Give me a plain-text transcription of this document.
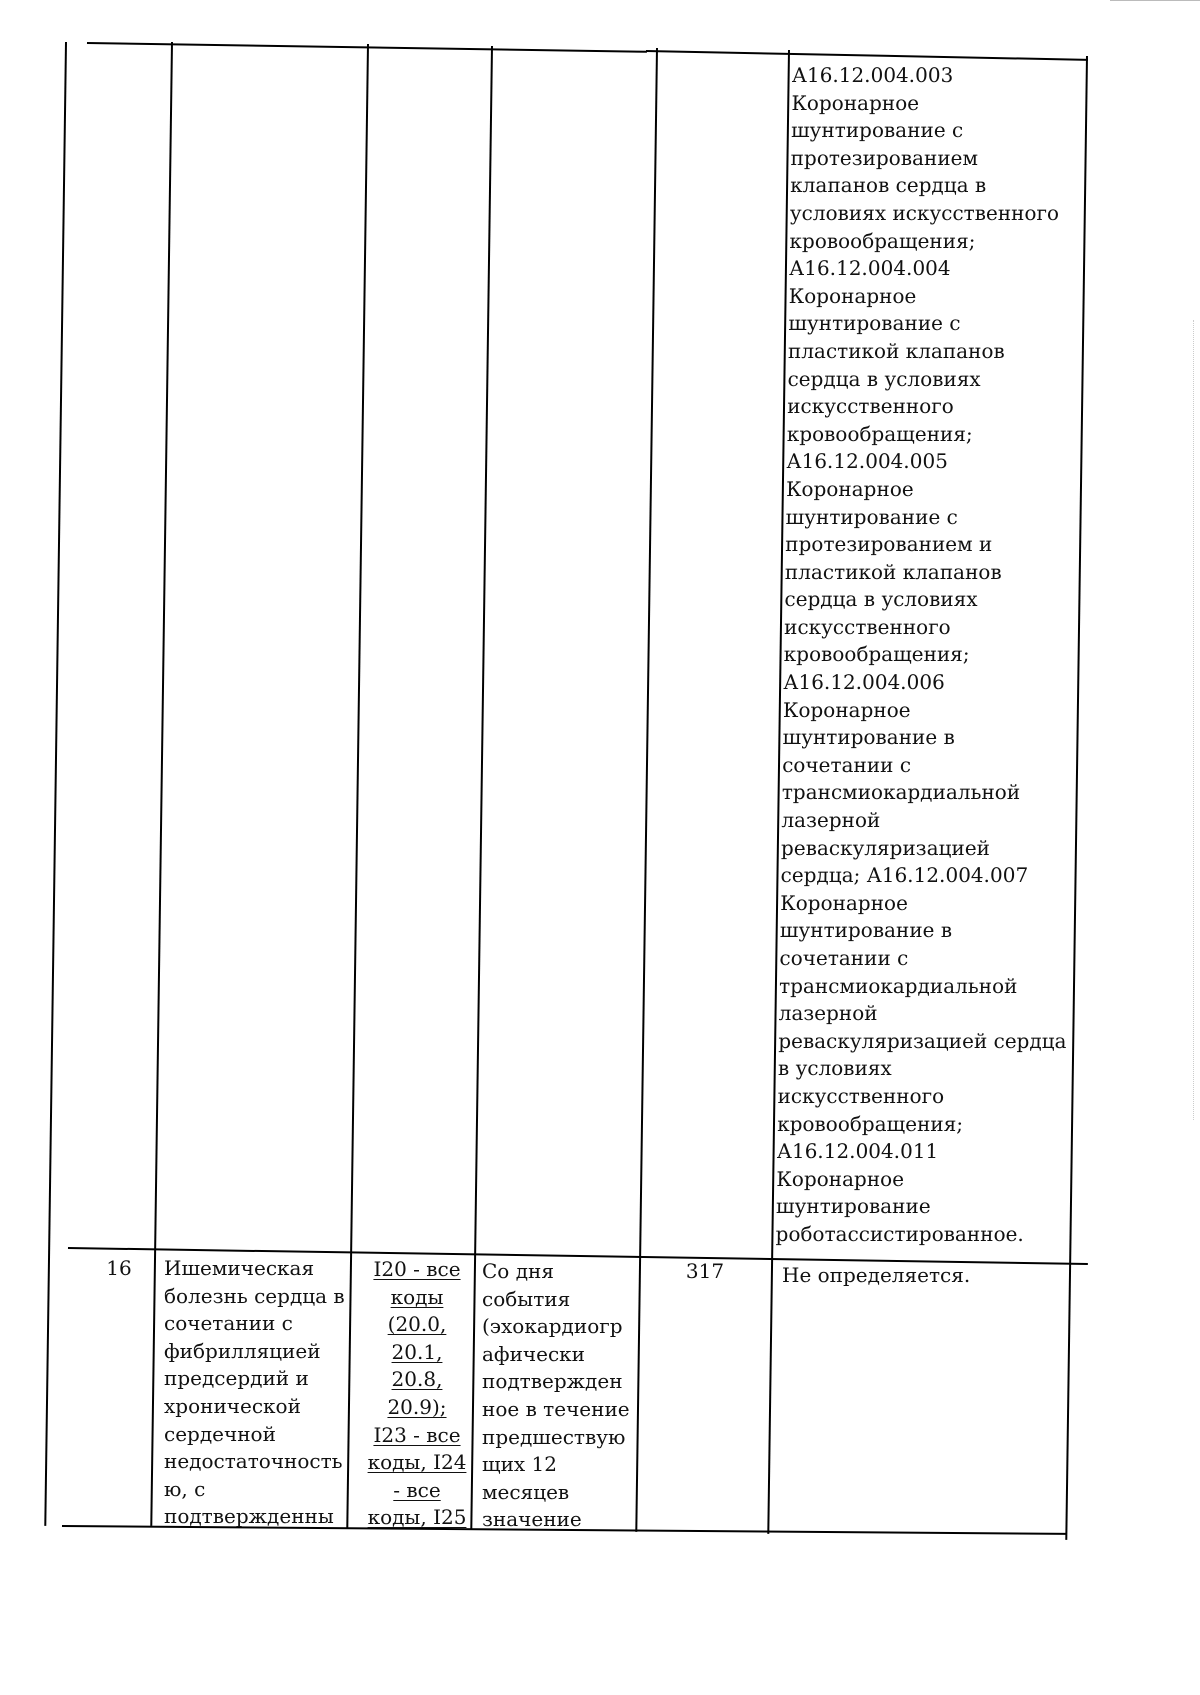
А16.12.004.003
Коронарное
шунтирование с
протезированием
клапанов сердца в
условиях искусственного
кровообращения;
А16.12.004.004
Коронарное
шунтирование с
пластикой клапанов
сердца в условиях
искусственного
кровообращения;
А16.12.004.005
Коронарное
шунтирование с
протезированием и
пластикой клапанов
сердца в условиях
искусственного
кровообращения;
А16.12.004.006
Коронарное
шунтирование в
сочетании с
трансмиокардиальной
лазерной
реваскуляризацией
сердца; А16.12.004.007
Коронарное
шунтирование в
сочетании с
трансмиокардиальной
лазерной
реваскуляризацией сердца
в условиях
искусственного
кровообращения;
А16.12.004.011
Коронарное
шунтирование
роботассистированное.
16	Ишемическая
болезнь сердца в
сочетании с
фибрилляцией
предсердий и
хронической
сердечной
недостаточность
ю, с
подтвержденны
I20 - все
коды
(20.0,
20.1,
20.8,
20.9);
I23 - все
коды, I24
- все
коды, I25
Со дня
события
(эхокардиогр
афически
подтвержден
ное в течение
предшествую
щих 12
месяцев
значение
317	Не определяется.
